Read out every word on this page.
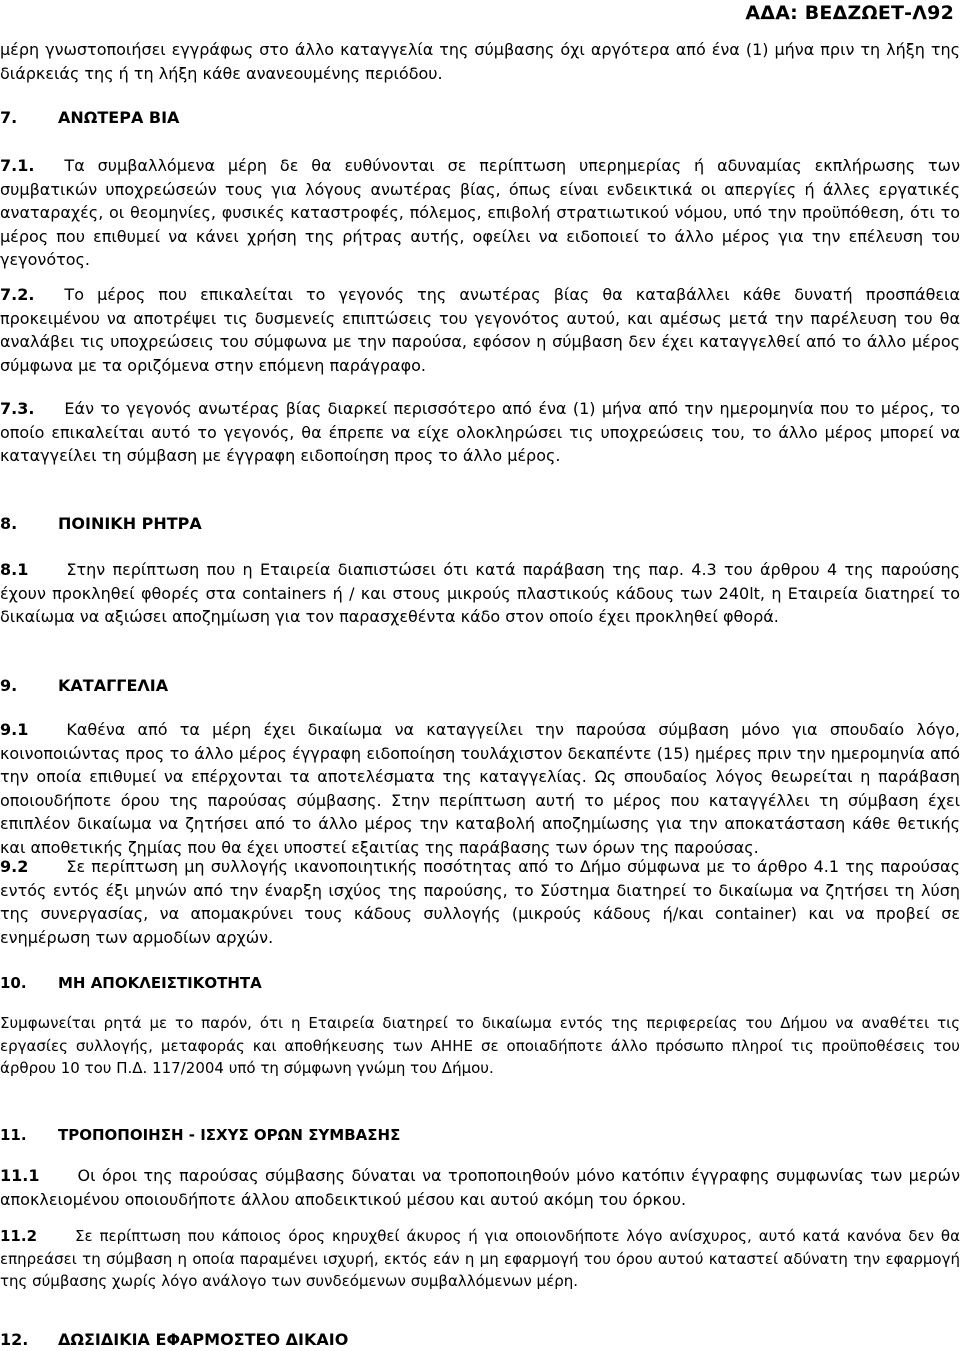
ΑΔΑ: ΒΕΔΖΩΕΤ-Λ92

μέρη γνωστοποιήσει εγγράφως στο άλλο καταγγελία της σύμβασης όχι αργότερα από ένα (1) μήνα πριν τη λήξη της διάρκειάς της ή τη λήξη κάθε ανανεουμένης περιόδου.

7.	ΑΝΩΤΕΡΑ ΒΙΑ

7.1. Τα συμβαλλόμενα μέρη δε θα ευθύνονται σε περίπτωση υπερημερίας ή αδυναμίας εκπλήρωσης των συμβατικών υποχρεώσεών τους για λόγους ανωτέρας βίας, όπως είναι ενδεικτικά οι απεργίες ή άλλες εργατικές αναταραχές, οι θεομηνίες, φυσικές καταστροφές, πόλεμος, επιβολή στρατιωτικού νόμου, υπό την προϋπόθεση, ότι το μέρος που επιθυμεί να κάνει χρήση της ρήτρας αυτής, οφείλει να ειδοποιεί το άλλο μέρος για την επέλευση του γεγονότος.

7.2. Το μέρος που επικαλείται το γεγονός της ανωτέρας βίας θα καταβάλλει κάθε δυνατή προσπάθεια προκειμένου να αποτρέψει τις δυσμενείς επιπτώσεις του γεγονότος αυτού, και αμέσως μετά την παρέλευση του θα αναλάβει τις υποχρεώσεις του σύμφωνα με την παρούσα, εφόσον η σύμβαση δεν έχει καταγγελθεί από το άλλο μέρος σύμφωνα με τα οριζόμενα στην επόμενη παράγραφο.

7.3. Εάν το γεγονός ανωτέρας βίας διαρκεί περισσότερο από ένα (1) μήνα από την ημερομηνία που το μέρος, το οποίο επικαλείται αυτό το γεγονός, θα έπρεπε να είχε ολοκληρώσει τις υποχρεώσεις του, το άλλο μέρος μπορεί να καταγγείλει τη σύμβαση με έγγραφη ειδοποίηση προς το άλλο μέρος.

8.	ΠΟΙΝΙΚΗ ΡΗΤΡΑ

8.1 Στην περίπτωση που η Εταιρεία διαπιστώσει ότι κατά παράβαση της παρ. 4.3 του άρθρου 4 της παρούσης έχουν προκληθεί φθορές στα containers ή / και στους μικρούς πλαστικούς κάδους των 240lt, η Εταιρεία διατηρεί το δικαίωμα να αξιώσει αποζημίωση για τον παρασχεθέντα κάδο στον οποίο έχει προκληθεί φθορά.

9.	ΚΑΤΑΓΓΕΛΙΑ

9.1 Καθένα από τα μέρη έχει δικαίωμα να καταγγείλει την παρούσα σύμβαση μόνο για σπουδαίο λόγο, κοινοποιώντας προς το άλλο μέρος έγγραφη ειδοποίηση τουλάχιστον δεκαπέντε (15) ημέρες πριν την ημερομηνία από την οποία επιθυμεί να επέρχονται τα αποτελέσματα της καταγγελίας. Ως σπουδαίος λόγος θεωρείται η παράβαση οποιουδήποτε όρου της παρούσας σύμβασης. Στην περίπτωση αυτή το μέρος που καταγγέλλει τη σύμβαση έχει επιπλέον δικαίωμα να ζητήσει από το άλλο μέρος την καταβολή αποζημίωσης για την αποκατάσταση κάθε θετικής και αποθετικής ζημίας που θα έχει υποστεί εξαιτίας της παράβασης των όρων της παρούσας.

9.2 Σε περίπτωση μη συλλογής ικανοποιητικής ποσότητας από το Δήμο σύμφωνα με το άρθρο 4.1 της παρούσας εντός εντός έξι μηνών από την έναρξη ισχύος της παρούσης, το Σύστημα διατηρεί το δικαίωμα να ζητήσει τη λύση της συνεργασίας, να απομακρύνει τους κάδους συλλογής (μικρούς κάδους ή/και container) και να προβεί σε ενημέρωση των αρμοδίων αρχών.

10. ΜΗ ΑΠΟΚΛΕΙΣΤΙΚΟΤΗΤΑ

Συμφωνείται ρητά με το παρόν, ότι η Εταιρεία διατηρεί το δικαίωμα εντός της περιφερείας του Δήμου να αναθέτει τις εργασίες συλλογής, μεταφοράς και αποθήκευσης των ΑΗΗΕ σε οποιαδήποτε άλλο πρόσωπο πληροί τις προϋποθέσεις του άρθρου 10 του Π.Δ. 117/2004 υπό τη σύμφωνη γνώμη του Δήμου.

11. ΤΡΟΠΟΠΟΙΗΣΗ - ΙΣΧΥΣ ΟΡΩΝ ΣΥΜΒΑΣΗΣ

11.1 Οι όροι της παρούσας σύμβασης δύναται να τροποποιηθούν μόνο κατόπιν έγγραφης συμφωνίας των μερών αποκλειομένου οποιουδήποτε άλλου αποδεικτικού μέσου και αυτού ακόμη του όρκου.

11.2	Σε περίπτωση που κάποιος όρος κηρυχθεί άκυρος ή για οποιονδήποτε λόγο ανίσχυρος, αυτό κατά κανόνα δεν θα επηρεάσει τη σύμβαση η οποία παραμένει ισχυρή, εκτός εάν η μη εφαρμογή του όρου αυτού καταστεί αδύνατη την εφαρμογή της σύμβασης χωρίς λόγο ανάλογο των συνδεόμενων συμβαλλόμενων μέρη.

12. ΔΩΣΙΔΙΚΙΑ ΕΦΑΡΜΟΣΤΕΟ ΔΙΚΑΙΟ
